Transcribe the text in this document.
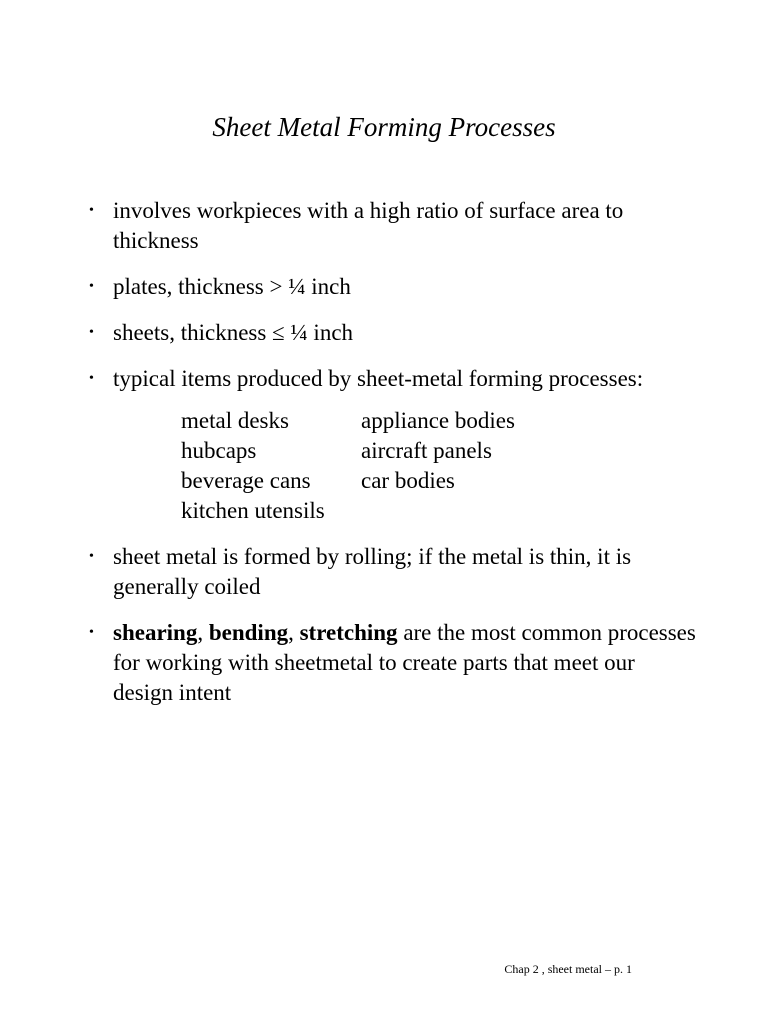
Sheet Metal Forming Processes
• involves workpieces with a high ratio of surface area to thickness
• plates, thickness > ¼ inch
• sheets, thickness ≤ ¼ inch
• typical items produced by sheet-metal forming processes:
metal desks	appliance bodies
hubcaps	aircraft panels
beverage cans	car bodies
kitchen utensils
• sheet metal is formed by rolling; if the metal is thin, it is generally coiled
• shearing, bending, stretching are the most common processes for working with sheetmetal to create parts that meet our design intent
Chap 2 , sheet metal – p. 1
